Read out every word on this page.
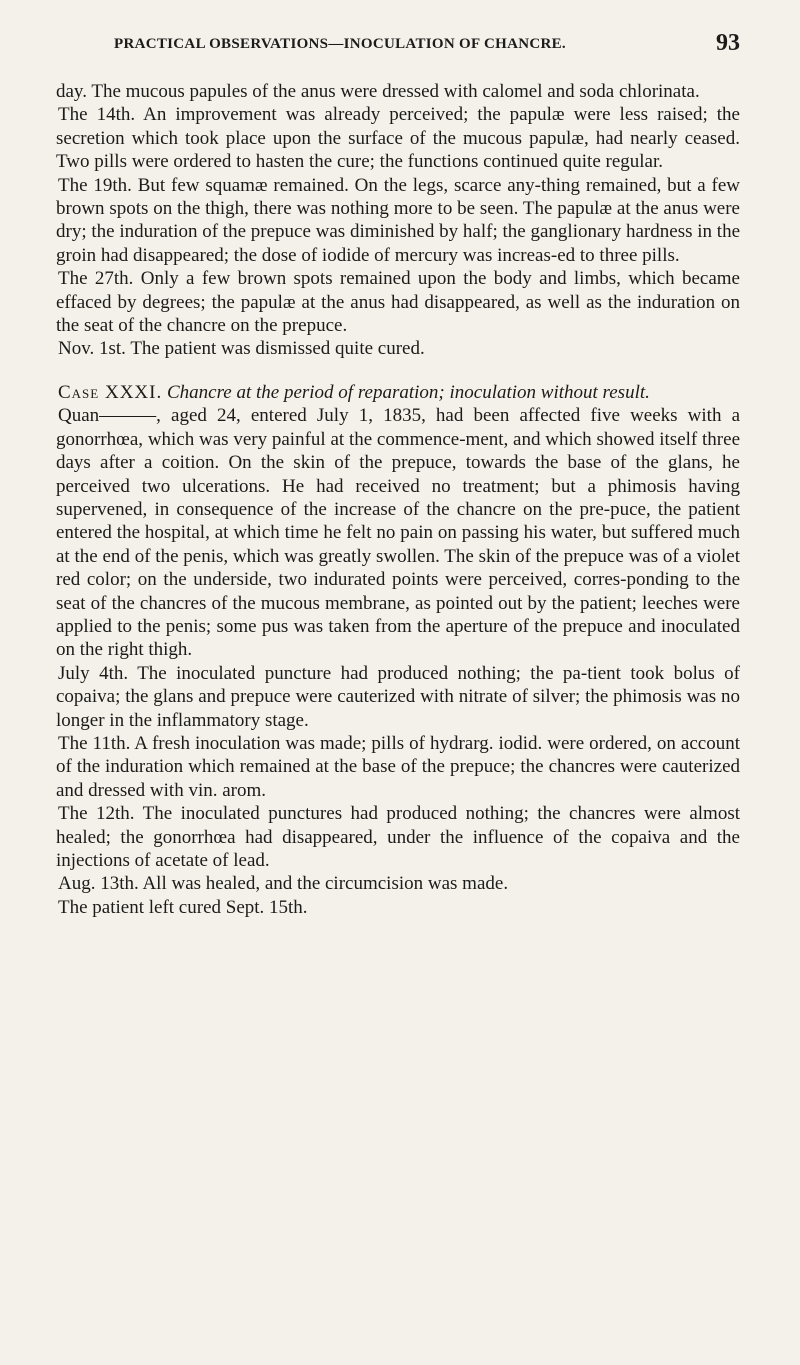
PRACTICAL OBSERVATIONS—INOCULATION OF CHANCRE.	93

day. The mucous papules of the anus were dressed with calomel and soda chlorinata.

The 14th. An improvement was already perceived; the papulæ were less raised; the secretion which took place upon the surface of the mucous papulæ, had nearly ceased. Two pills were ordered to hasten the cure; the functions continued quite regular.

The 19th. But few squamæ remained. On the legs, scarce any-thing remained, but a few brown spots on the thigh, there was nothing more to be seen. The papulæ at the anus were dry; the induration of the prepuce was diminished by half; the ganglionary hardness in the groin had disappeared; the dose of iodide of mercury was increas-ed to three pills.

The 27th. Only a few brown spots remained upon the body and limbs, which became effaced by degrees; the papulæ at the anus had disappeared, as well as the induration on the seat of the chancre on the prepuce.

Nov. 1st. The patient was dismissed quite cured.

Case XXXI. Chancre at the period of reparation; inoculation without result.

Quan———, aged 24, entered July 1, 1835, had been affected five weeks with a gonorrhœa, which was very painful at the commence-ment, and which showed itself three days after a coition. On the skin of the prepuce, towards the base of the glans, he perceived two ulcerations. He had received no treatment; but a phimosis having supervened, in consequence of the increase of the chancre on the pre-puce, the patient entered the hospital, at which time he felt no pain on passing his water, but suffered much at the end of the penis, which was greatly swollen. The skin of the prepuce was of a violet red color; on the underside, two indurated points were perceived, corres-ponding to the seat of the chancres of the mucous membrane, as pointed out by the patient; leeches were applied to the penis; some pus was taken from the aperture of the prepuce and inoculated on the right thigh.

July 4th. The inoculated puncture had produced nothing; the pa-tient took bolus of copaiva; the glans and prepuce were cauterized with nitrate of silver; the phimosis was no longer in the inflammatory stage.

The 11th. A fresh inoculation was made; pills of hydrarg. iodid. were ordered, on account of the induration which remained at the base of the prepuce; the chancres were cauterized and dressed with vin. arom.

The 12th. The inoculated punctures had produced nothing; the chancres were almost healed; the gonorrhœa had disappeared, under the influence of the copaiva and the injections of acetate of lead.

Aug. 13th. All was healed, and the circumcision was made.

The patient left cured Sept. 15th.
